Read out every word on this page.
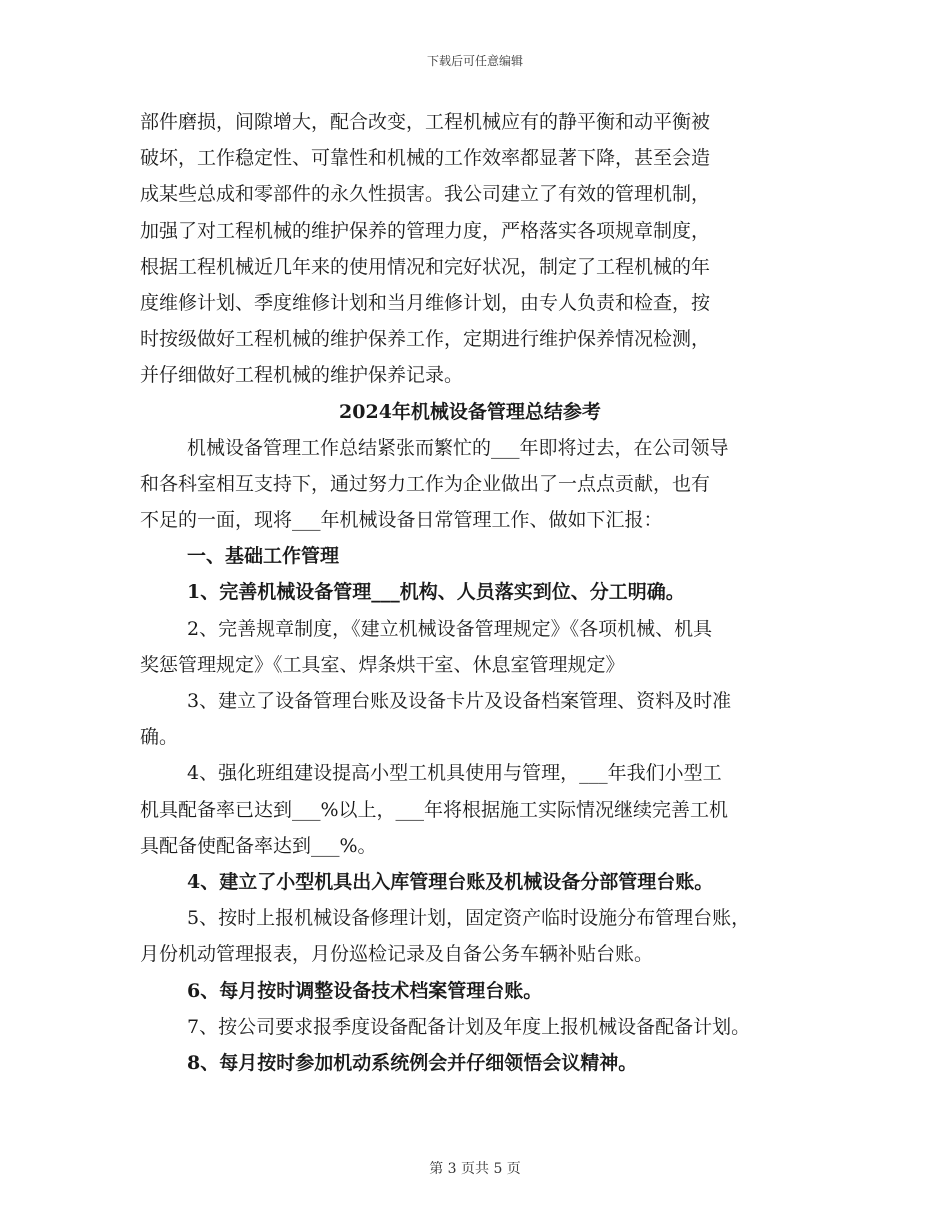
下载后可任意编辑
部件磨损，间隙增大，配合改变，工程机械应有的静平衡和动平衡被
破坏，工作稳定性、可靠性和机械的工作效率都显著下降，甚至会造
成某些总成和零部件的永久性损害。我公司建立了有效的管理机制，
加强了对工程机械的维护保养的管理力度，严格落实各项规章制度，
根据工程机械近几年来的使用情况和完好状况，制定了工程机械的年
度维修计划、季度维修计划和当月维修计划，由专人负责和检查，按
时按级做好工程机械的维护保养工作，定期进行维护保养情况检测，
并仔细做好工程机械的维护保养记录。
2024年机械设备管理总结参考
机械设备管理工作总结紧张而繁忙的___年即将过去，在公司领导
和各科室相互支持下，通过努力工作为企业做出了一点点贡献，也有
不足的一面，现将___年机械设备日常管理工作、做如下汇报：
一、基础工作管理
1、完善机械设备管理___机构、人员落实到位、分工明确。
2、完善规章制度，《建立机械设备管理规定》《各项机械、机具
奖惩管理规定》《工具室、焊条烘干室、休息室管理规定》
3、建立了设备管理台账及设备卡片及设备档案管理、资料及时准
确。
4、强化班组建设提高小型工机具使用与管理，___年我们小型工
机具配备率已达到___%以上，___年将根据施工实际情况继续完善工机
具配备使配备率达到___%。
4、建立了小型机具出入库管理台账及机械设备分部管理台账。
5、按时上报机械设备修理计划，固定资产临时设施分布管理台账，
月份机动管理报表，月份巡检记录及自备公务车辆补贴台账。
6、每月按时调整设备技术档案管理台账。
7、按公司要求报季度设备配备计划及年度上报机械设备配备计划。
8、每月按时参加机动系统例会并仔细领悟会议精神。
第 3 页共 5 页
